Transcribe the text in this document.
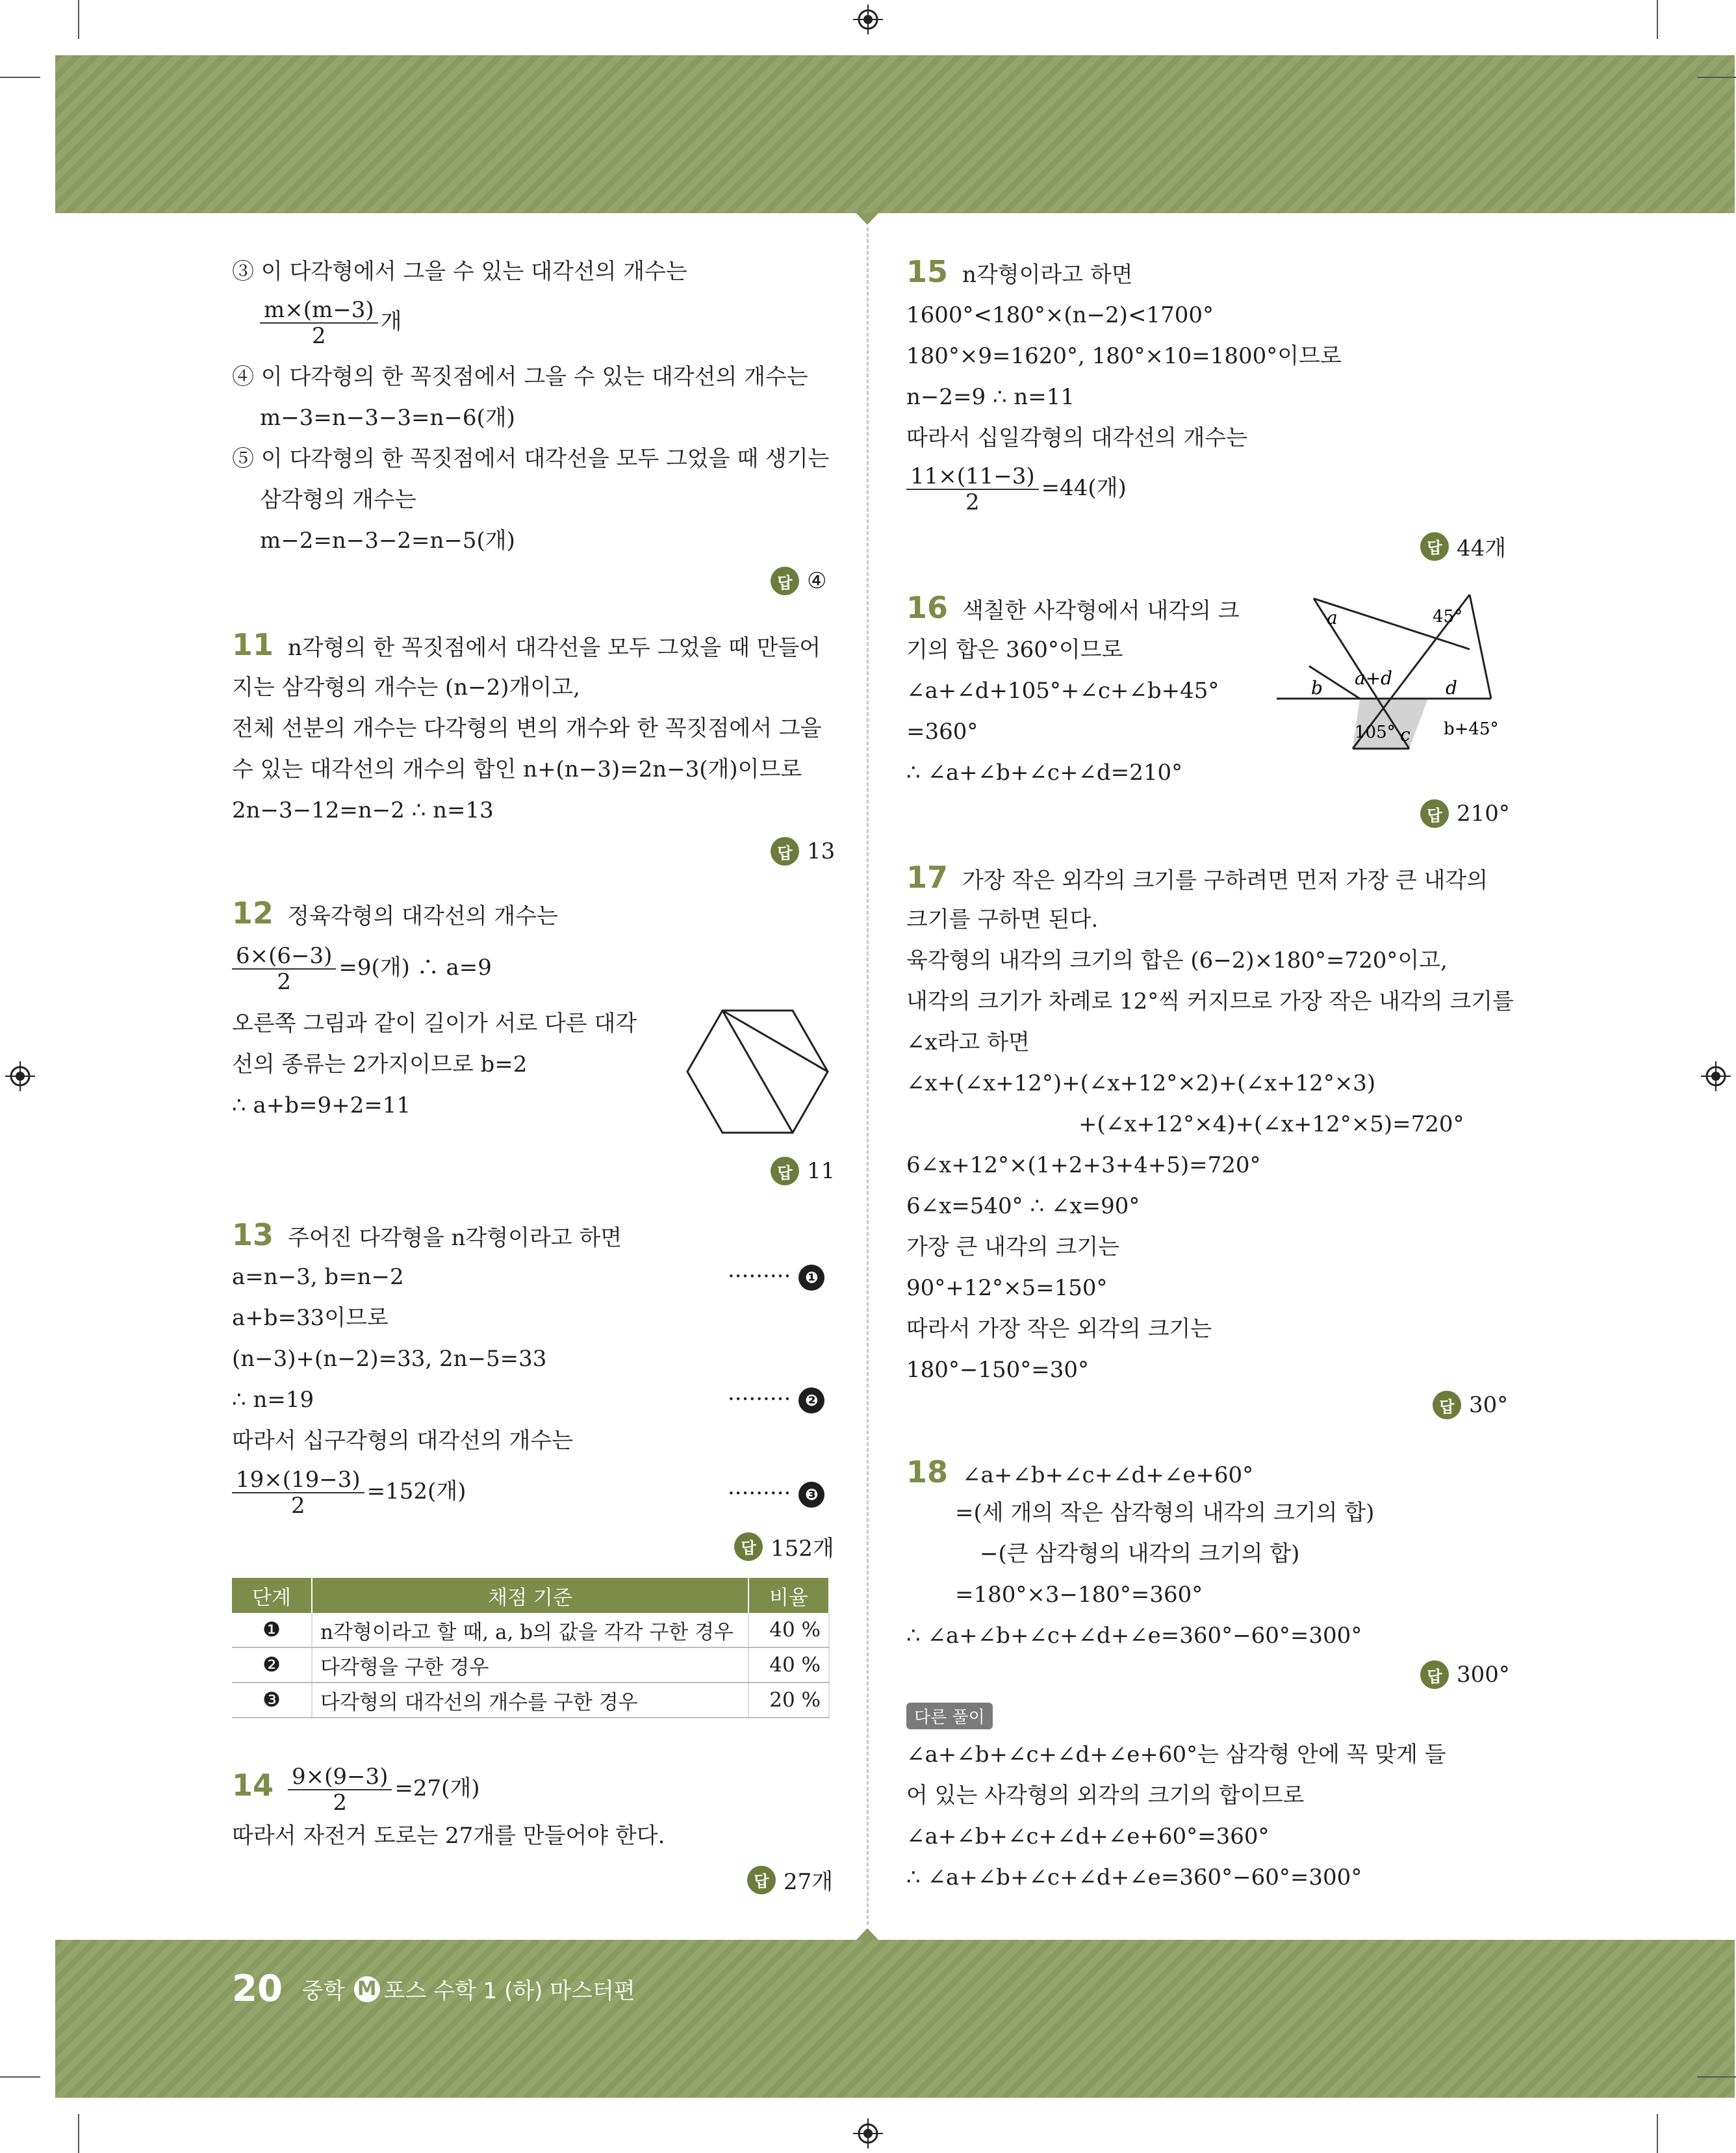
③ 이 다각형에서 그을 수 있는 대각선의 개수는
$\frac{m\times(m-3)}{2}$ 개
④ 이 다각형의 한 꼭짓점에서 그을 수 있는 대각선의 개수는
m−3=n−3−3=n−6(개)
⑤ 이 다각형의 한 꼭짓점에서 대각선을 모두 그었을 때 생기는
삼각형의 개수는
m−2=n−3−2=n−5(개)
답 ④
11 n각형의 한 꼭짓점에서 대각선을 모두 그었을 때 만들어
지는 삼각형의 개수는 (n−2)개이고,
전체 선분의 개수는 다각형의 변의 개수와 한 꼭짓점에서 그을
수 있는 대각선의 개수의 합인 n+(n−3)=2n−3(개)이므로
2n−3−12=n−2 ∴ n=13
답 13
12 정육각형의 대각선의 개수는
$\frac{6\times(6-3)}{2} =9$(개) ∴ a=9
오른쪽 그림과 같이 길이가 서로 다른 대각
선의 종류는 2가지이므로 b=2
∴ a+b=9+2=11
답 11
13 주어진 다각형을 n각형이라고 하면
a=n−3, b=n−2	········· ❶
a+b=33이므로
(n−3)+(n−2)=33, 2n−5=33
∴ n=19	········· ❷
따라서 십구각형의 대각선의 개수는
$\frac{19\times(19-3)}{2} =152$(개)	········· ❸
답 152개
단계	채점 기준	비율
❶	n각형이라고 할 때, a, b의 값을 각각 구한 경우	40 %
❷	다각형을 구한 경우	40 %
❸	다각형의 대각선의 개수를 구한 경우	20 %
$14 \frac{9\times(9-3)}{2} =27$(개)
따라서 자전거 도로는 27개를 만들어야 한다.
답 27개
15 n각형이라고 하면
1600°<180°×(n−2)<1700°
180°×9=1620°, 180°×10=1800°이므로
n−2=9 ∴ n=11
따라서 십일각형의 대각선의 개수는
$\frac{11\times(11-3)}{2} =44$(개)
답 44개
16 색칠한 사각형에서 내각의 크
기의 합은 360°이므로
∠a+∠d+105°+∠c+∠b+45°
=360°
∴ ∠a+∠b+∠c+∠d=210°
a	45°
a+d
b	d
105° c b+45°
답 210°
17 가장 작은 외각의 크기를 구하려면 먼저 가장 큰 내각의
크기를 구하면 된다.
육각형의 내각의 크기의 합은 (6−2)×180°=720°이고,
내각의 크기가 차례로 12°씩 커지므로 가장 작은 내각의 크기를
∠x라고 하면
∠x+(∠x+12°)+(∠x+12°×2)+(∠x+12°×3)
+(∠x+12°×4)+(∠x+12°×5)=720°
6∠x+12°×(1+2+3+4+5)=720°
6∠x=540° ∴ ∠x=90°
가장 큰 내각의 크기는
90°+12°×5=150°
따라서 가장 작은 외각의 크기는
180°−150°=30°
답 30°
18 ∠a+∠b+∠c+∠d+∠e+60°
=(세 개의 작은 삼각형의 내각의 크기의 합)
−(큰 삼각형의 내각의 크기의 합)
=180°×3−180°=360°
∴ ∠a+∠b+∠c+∠d+∠e=360°−60°=300°
답 300°
다른 풀이
∠a+∠b+∠c+∠d+∠e+60°는 삼각형 안에 꼭 맞게 들
어 있는 사각형의 외각의 크기의 합이므로
∠a+∠b+∠c+∠d+∠e+60°=360°
∴ ∠a+∠b+∠c+∠d+∠e=360°−60°=300°
20 중학 M 포스 수학 1 (하) 마스터편
